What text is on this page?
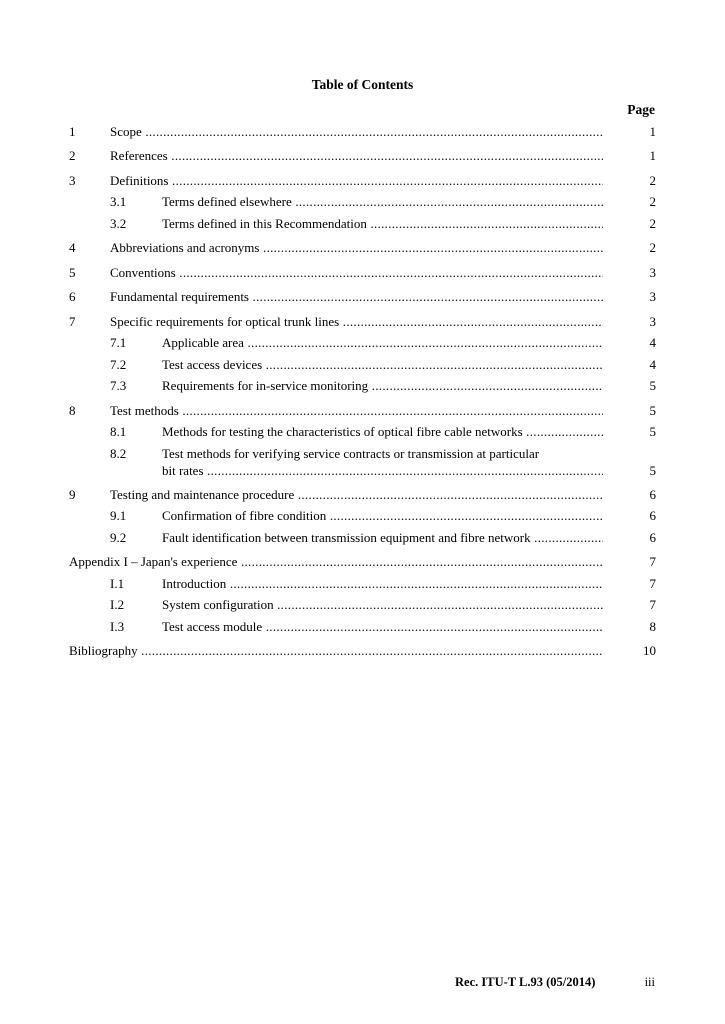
Table of Contents
Page
1	Scope .....	1
2	References .....	1
3	Definitions .....	2
3.1	Terms defined elsewhere .....	2
3.2	Terms defined in this Recommendation .....	2
4	Abbreviations and acronyms .....	2
5	Conventions .....	3
6	Fundamental requirements .....	3
7	Specific requirements for optical trunk lines .....	3
7.1	Applicable area .....	4
7.2	Test access devices .....	4
7.3	Requirements for in-service monitoring .....	5
8	Test methods .....	5
8.1	Methods for testing the characteristics of optical fibre cable networks .....	5
8.2	Test methods for verifying service contracts or transmission at particular
bit rates .....	5
9	Testing and maintenance procedure .....	6
9.1	Confirmation of fibre condition .....	6
9.2	Fault identification between transmission equipment and fibre network .....	6
Appendix I – Japan's experience .....	7
I.1	Introduction .....	7
I.2	System configuration .....	7
I.3	Test access module .....	8
Bibliography .....	10
Rec. ITU-T L.93 (05/2014)	iii
